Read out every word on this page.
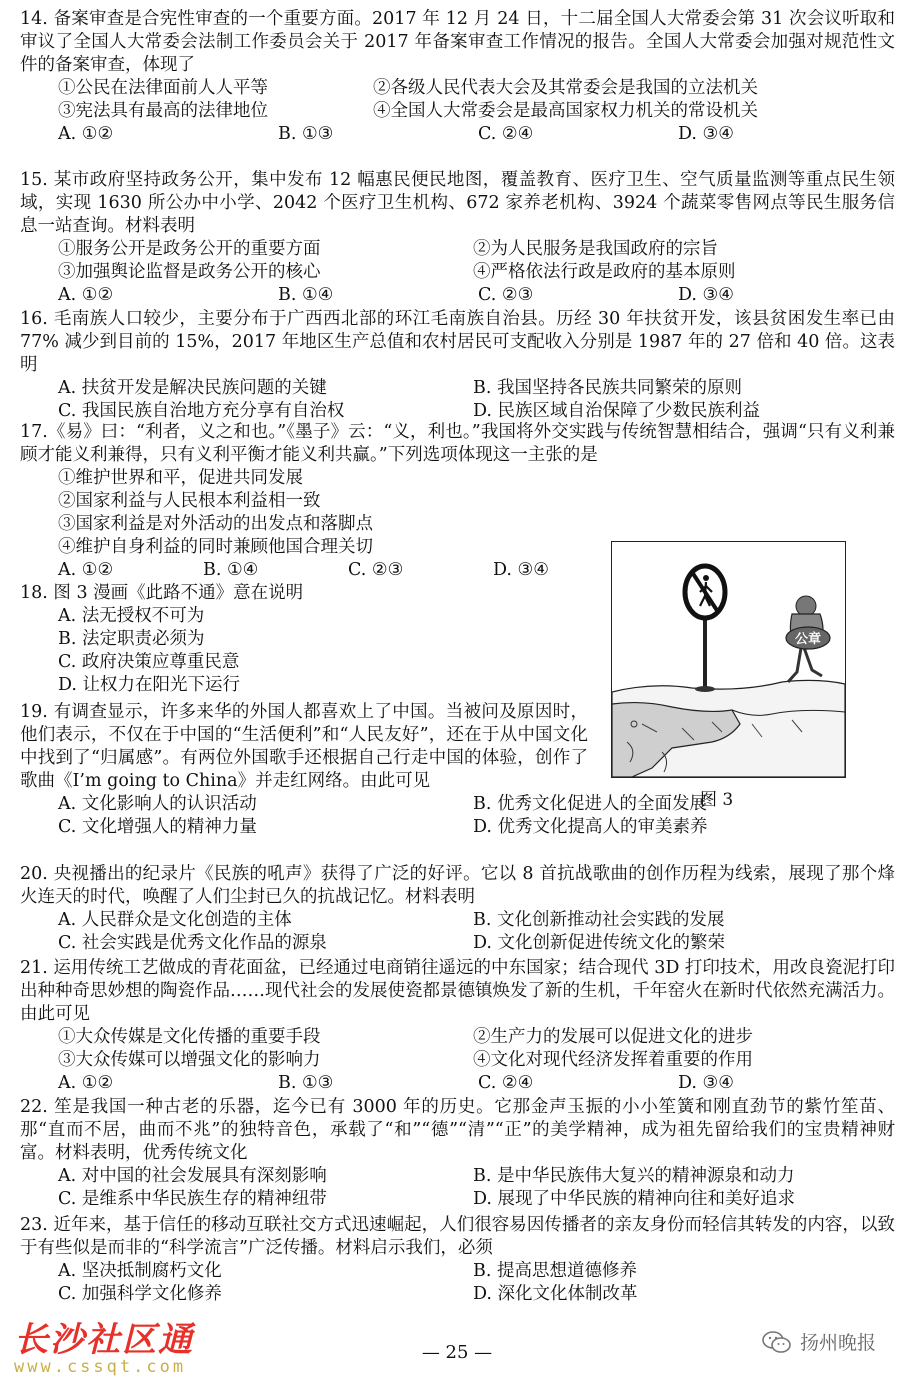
14. 备案审查是合宪性审查的一个重要方面。2017 年 12 月 24 日，十二届全国人大常委会第 31 次会议听取和审议了全国人大常委会法制工作委员会关于 2017 年备案审查工作情况的报告。全国人大常委会加强对规范性文件的备案审查，体现了

①公民在法律面前人人平等	②各级人民代表大会及其常委会是我国的立法机关
③宪法具有最高的法律地位	④全国人大常委会是最高国家权力机关的常设机关
A. ①②	B. ①③	C. ②④	D. ③④

15. 某市政府坚持政务公开，集中发布 12 幅惠民便民地图，覆盖教育、医疗卫生、空气质量监测等重点民生领域，实现 1630 所公办中小学、2042 个医疗卫生机构、672 家养老机构、3924 个蔬菜零售网点等民生服务信息一站查询。材料表明

①服务公开是政务公开的重要方面	②为人民服务是我国政府的宗旨
③加强舆论监督是政务公开的核心	④严格依法行政是政府的基本原则
A. ①②	B. ①④	C. ②③	D. ③④

16. 毛南族人口较少，主要分布于广西西北部的环江毛南族自治县。历经 30 年扶贫开发，该县贫困发生率已由 77% 减少到目前的 15%，2017 年地区生产总值和农村居民可支配收入分别是 1987 年的 27 倍和 40 倍。这表明

A. 扶贫开发是解决民族问题的关键	B. 我国坚持各民族共同繁荣的原则
C. 我国民族自治地方充分享有自治权	D. 民族区域自治保障了少数民族利益

17.《易》曰：“利者，义之和也。”《墨子》云：“义，利也。”我国将外交实践与传统智慧相结合，强调“只有义利兼顾才能义利兼得，只有义利平衡才能义利共赢。”下列选项体现这一主张的是

①维护世界和平，促进共同发展
②国家利益与人民根本利益相一致
③国家利益是对外活动的出发点和落脚点
④维护自身利益的同时兼顾他国合理关切
A. ①②	B. ①④	C. ②③	D. ③④

18. 图 3 漫画《此路不通》意在说明

A. 法无授权不可为
B. 法定职责必须为
C. 政府决策应尊重民意
D. 让权力在阳光下运行
公章
图 3

19. 有调查显示，许多来华的外国人都喜欢上了中国。当被问及原因时，他们表示，不仅在于中国的“生活便利”和“人民友好”，还在于从中国文化中找到了“归属感”。有两位外国歌手还根据自己行走中国的体验，创作了歌曲《I’m going to China》并走红网络。由此可见

A. 文化影响人的认识活动	B. 优秀文化促进人的全面发展
C. 文化增强人的精神力量	D. 优秀文化提高人的审美素养

20. 央视播出的纪录片《民族的吼声》获得了广泛的好评。它以 8 首抗战歌曲的创作历程为线索，展现了那个烽火连天的时代，唤醒了人们尘封已久的抗战记忆。材料表明

A. 人民群众是文化创造的主体	B. 文化创新推动社会实践的发展
C. 社会实践是优秀文化作品的源泉	D. 文化创新促进传统文化的繁荣

21. 运用传统工艺做成的青花面盆，已经通过电商销往遥远的中东国家；结合现代 3D 打印技术，用改良瓷泥打印出种种奇思妙想的陶瓷作品……现代社会的发展使瓷都景德镇焕发了新的生机，千年窑火在新时代依然充满活力。由此可见

①大众传媒是文化传播的重要手段	②生产力的发展可以促进文化的进步
③大众传媒可以增强文化的影响力	④文化对现代经济发挥着重要的作用
A. ①②	B. ①③	C. ②④	D. ③④

22. 笙是我国一种古老的乐器，迄今已有 3000 年的历史。它那金声玉振的小小笙簧和刚直劲节的紫竹笙苗、那“直而不居，曲而不兆”的独特音色，承载了“和”“德”“清”“正”的美学精神，成为祖先留给我们的宝贵精神财富。材料表明，优秀传统文化

A. 对中国的社会发展具有深刻影响	B. 是中华民族伟大复兴的精神源泉和动力
C. 是维系中华民族生存的精神纽带	D. 展现了中华民族的精神向往和美好追求

23. 近年来，基于信任的移动互联社交方式迅速崛起，人们很容易因传播者的亲友身份而轻信其转发的内容，以致于有些似是而非的“科学流言”广泛传播。材料启示我们，必须

A. 坚决抵制腐朽文化	B. 提高思想道德修养
C. 加强科学文化修养	D. 深化文化体制改革
长沙社区通
www.cssqt.com
— 25 —	扬州晚报
